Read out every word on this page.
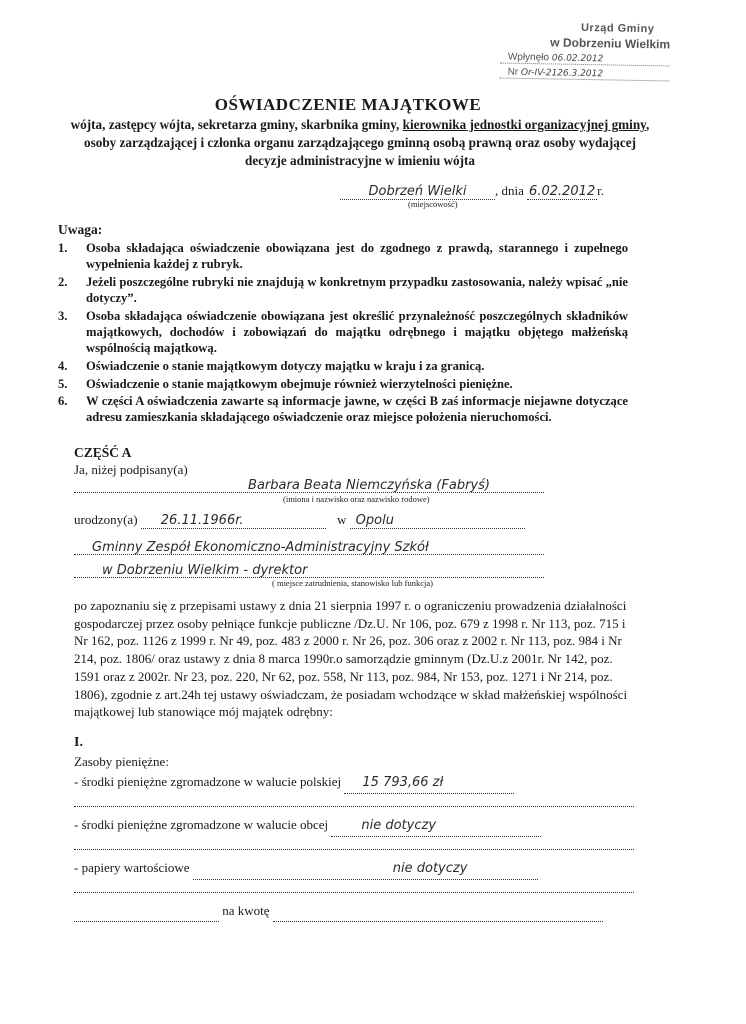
Urząd Gminy
w Dobrzeniu Wielkim
Wpłynęło 06.02.2012
Nr Or-IV-2126.3.2012
OŚWIADCZENIE MAJĄTKOWE
wójta, zastępcy wójta, sekretarza gminy, skarbnika gminy, kierownika jednostki organizacyjnej gminy, osoby zarządzającej i członka organu zarządzającego gminną osobą prawną oraz osoby wydającej decyzje administracyjne w imieniu wójta
Dobrzeń Wielki , dnia 6.02.2012 r.
(miejscowość)
Uwaga:
1.	Osoba składająca oświadczenie obowiązana jest do zgodnego z prawdą, starannego i zupełnego wypełnienia każdej z rubryk.
2.	Jeżeli poszczególne rubryki nie znajdują w konkretnym przypadku zastosowania, należy wpisać „nie dotyczy”.
3.	Osoba składająca oświadczenie obowiązana jest określić przynależność poszczególnych składników majątkowych, dochodów i zobowiązań do majątku odrębnego i majątku objętego małżeńską wspólnością majątkową.
4.	Oświadczenie o stanie majątkowym dotyczy majątku w kraju i za granicą.
5.	Oświadczenie o stanie majątkowym obejmuje również wierzytelności pieniężne.
6.	W części A oświadczenia zawarte są informacje jawne, w części B zaś informacje niejawne dotyczące adresu zamieszkania składającego oświadczenie oraz miejsce położenia nieruchomości.
CZĘŚĆ A
Ja, niżej podpisany(a)
Barbara Beata Niemczyńska (Fabryś)
(imiona i nazwisko oraz nazwisko rodowe)
urodzony(a) 26.11.1966r.	w Opolu
Gminny Zespół Ekonomiczno-Administracyjny Szkół
w Dobrzeniu Wielkim - dyrektor
( miejsce zatrudnienia, stanowisko lub funkcja)
po zapoznaniu się z przepisami ustawy z dnia 21 sierpnia 1997 r. o ograniczeniu prowadzenia działalności gospodarczej przez osoby pełniące funkcje publiczne /Dz.U. Nr 106, poz. 679 z 1998 r. Nr 113, poz. 715 i Nr 162, poz. 1126 z 1999 r. Nr 49, poz. 483 z 2000 r. Nr 26, poz. 306 oraz z 2002 r. Nr 113, poz. 984 i Nr 214, poz. 1806/ oraz ustawy z dnia 8 marca 1990r.o samorządzie gminnym (Dz.U.z 2001r. Nr 142, poz. 1591 oraz z 2002r. Nr 23, poz. 220, Nr 62, poz. 558, Nr 113, poz. 984, Nr 153, poz. 1271 i Nr 214, poz. 1806), zgodnie z art.24h tej ustawy oświadczam, że posiadam wchodzące w skład małżeńskiej wspólności majątkowej lub stanowiące mój majątek odrębny:
I.
Zasoby pieniężne:
- środki pieniężne zgromadzone w walucie polskiej 15 793,66 zł
- środki pieniężne zgromadzone w walucie obcej	nie dotyczy
- papiery wartościowe	nie dotyczy
na kwotę
